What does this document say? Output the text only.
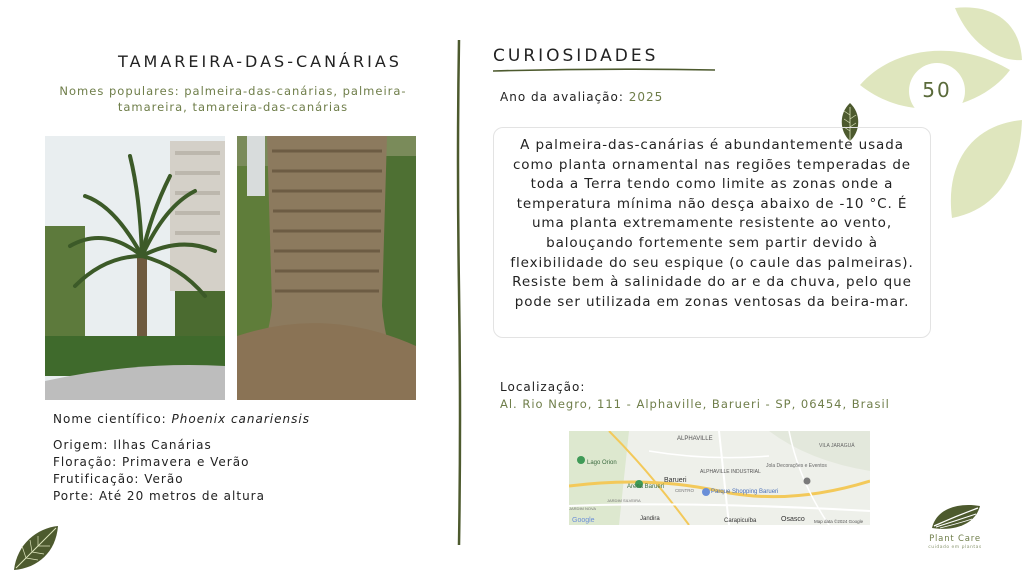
50
TAMAREIRA-DAS-CANÁRIAS
Nomes populares: palmeira-das-canárias, palmeira-tamareira, tamareira-das-canárias
Nome científico: Phoenix canariensis
Origem: Ilhas Canárias
Floração: Primavera e Verão
Frutificação: Verão
Porte: Até 20 metros de altura
CURIOSIDADES
Ano da avaliação: 2025
A palmeira-das-canárias é abundantemente usada como planta ornamental nas regiões temperadas de toda a Terra tendo como limite as zonas onde a temperatura mínima não desça abaixo de -10 °C. É uma planta extremamente resistente ao vento, balouçando fortemente sem partir devido à flexibilidade do seu espique (o caule das palmeiras). Resiste bem à salinidade do ar e da chuva, pelo que pode ser utilizada em zonas ventosas da beira-mar.
Localização:
Al. Rio Negro, 111 - Alphaville, Barueri - SP, 06454, Brasil
ALPHAVILLE
VILA JARAGUÁ
Lago Orion
Barueri
ALPHAVILLE INDUSTRIAL
Jola Decorações e Eventos
Arena Barueri
CENTRO	Parque Shopping Barueri
JARDIM SILVEIRA
JARDIM NOVA
Jandira	Carapicuíba	Osasco
Google	Map data ©2024 Google
Plant Care
cuidado em plantas
